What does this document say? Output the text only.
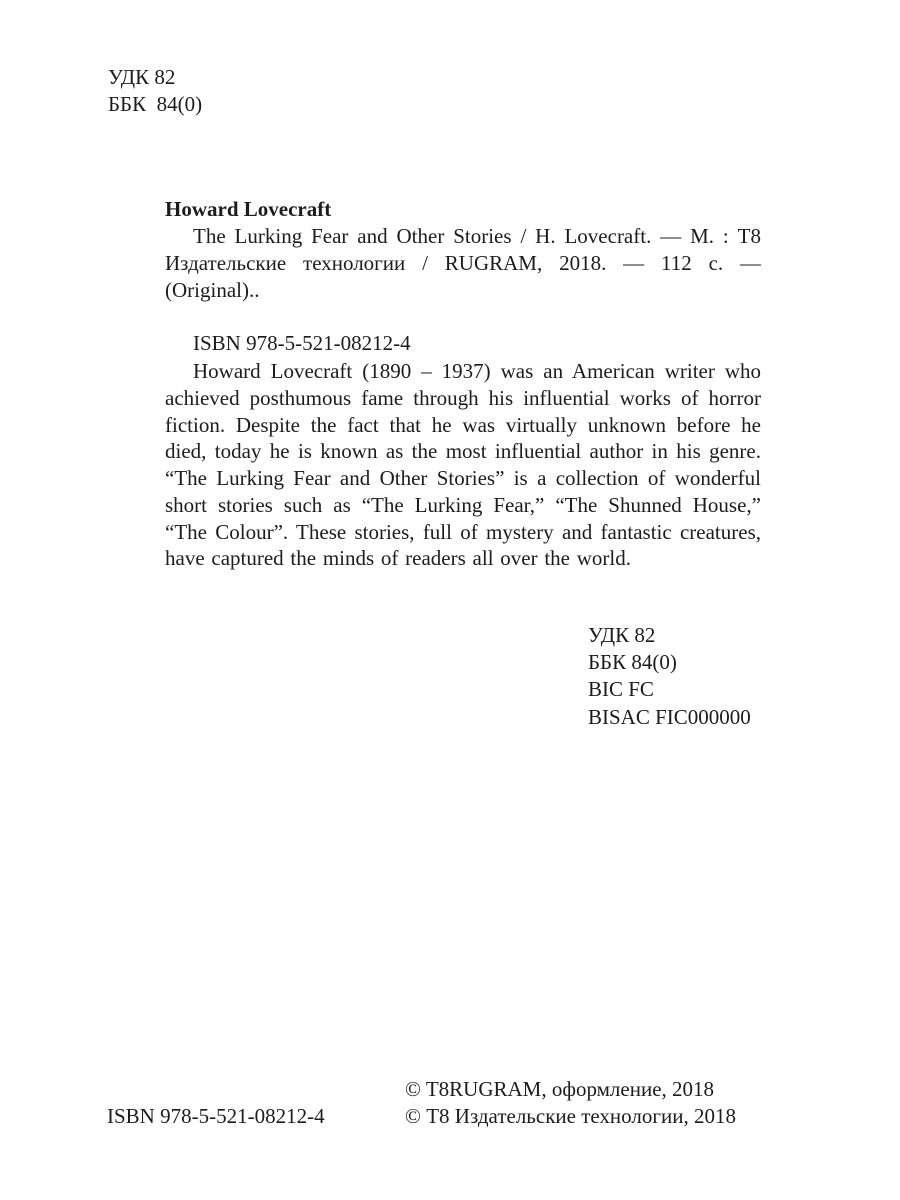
УДК 82
ББК  84(0)
Howard Lovecraft

The Lurking Fear and Other Stories / H. Lovecraft. — М. : Т8 Издательские технологии / RUGRAM, 2018. — 112 с. — (Original)..

ISBN 978-5-521-08212-4

Howard Lovecraft (1890 – 1937) was an American writer who achieved posthumous fame through his influential works of horror fiction. Despite the fact that he was virtually unknown before he died, today he is known as the most influential author in his genre. “The Lurking Fear and Other Stories” is a collection of wonderful short stories such as “The Lurking Fear,” “The Shunned House,” “The Colour”. These stories, full of mystery and fantastic creatures, have captured the minds of readers all over the world.

УДК 82
ББК 84(0)
BIC FC
BISAC FIC000000
© T8RUGRAM, оформление, 2018
© Т8 Издательские технологии, 2018
ISBN 978-5-521-08212-4
